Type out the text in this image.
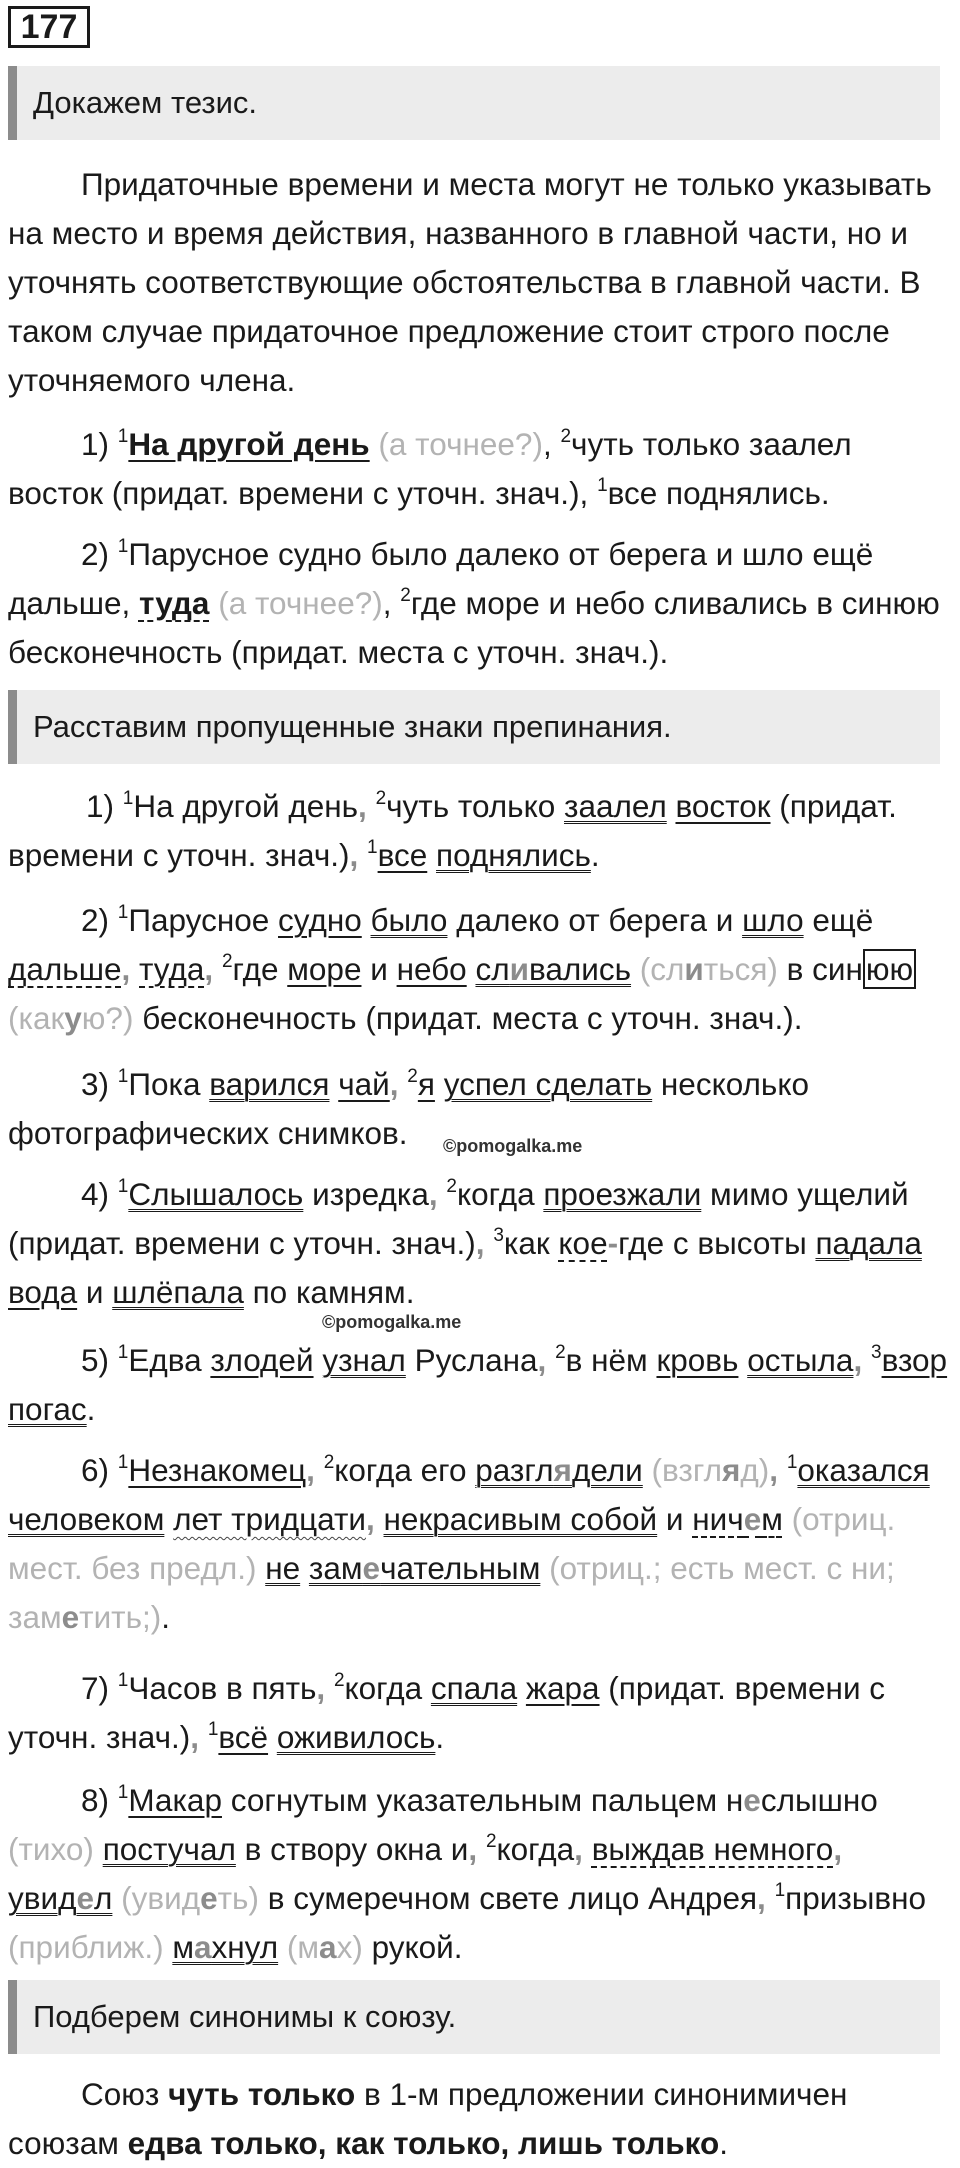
177
Докажем тезис.

Придаточные времени и места могут не только указывать на место и время действия, названного в главной части, но и уточнять соответствующие обстоятельства в главной части. В таком случае придаточное предложение стоит строго после уточняемого члена.

1) $^1$На другой день (а точнее?), $^2$чуть только заалел восток (придат. времени с уточн. знач.), $^1$все поднялись.

2) $^1$Парусное судно было далеко от берега и шло ещё дальше, туда (а точнее?), $^2$где море и небо сливались в синюю бесконечность (придат. места с уточн. знач.).

Расставим пропущенные знаки препинания.

1) $^1$На другой день, $^2$чуть только заалел восток (придат. времени с уточн. знач.), $^1$все поднялись.

2) $^1$Парусное судно было далеко от берега и шло ещё дальше, туда, $^2$где море и небо сливались (слиться) в синюю (какую?) бесконечность (придат. места с уточн. знач.).

3) $^1$Пока варился чай, $^2$я успел сделать несколько фотографических снимков.	©pomogalka.me

4) $^1$Слышалось изредка, $^2$когда проезжали мимо ущелий (придат. времени с уточн. знач.), $^3$как кое-где с высоты падала вода и шлёпала по камням.

©pomogalka.me

5) $^1$Едва злодей узнал Руслана, $^2$в нём кровь остыла, $^3$взор погас.

6) $^1$Незнакомец, $^2$когда его разглядели (взгляд), $^1$оказался человеком лет тридцати, некрасивым собой и ничем (отриц. мест. без предл.) не замечательным (отриц.; есть мест. с ни; заметить;).

7) $^1$Часов в пять, $^2$когда спала жара (придат. времени с уточн. знач.), $^1$всё оживилось.

8) $^1$Макар согнутым указательным пальцем неслышно (тихо) постучал в створу окна и, $^2$когда, выждав немного, увидел (увидеть) в сумеречном свете лицо Андрея, $^1$призывно (приближ.) махнул (мах) рукой.

Подберем синонимы к союзу.

Союз чуть только в 1-м предложении синонимичен союзам едва только, как только, лишь только.
